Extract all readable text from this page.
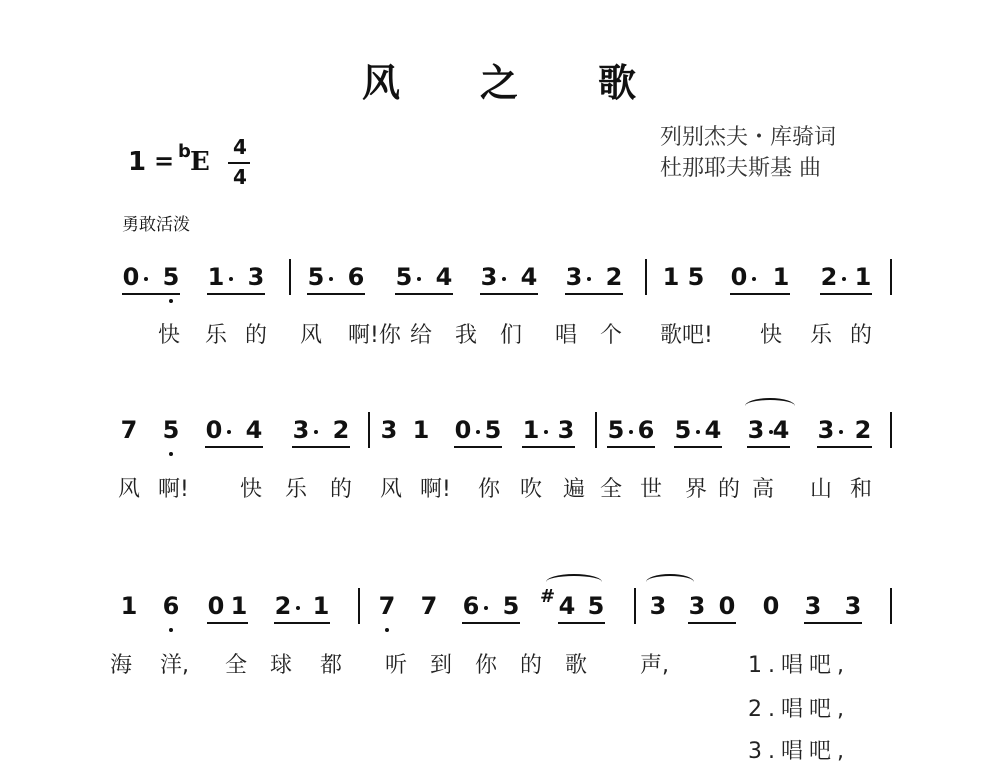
风 之 歌
1 = b E 4
4
列别杰夫・库骑词
杜那耶夫斯基 曲
勇敢活泼
0 5 1 3 5 6 5 4 3 4 3 2 1 5 0 1 2 1
快 乐 的 风 啊!你 给 我 们 唱 个 歌吧! 快 乐 的
7 5 0 4 3 2 3 1 0 5 1 3 5 6 5 4 3 4 3 2
风 啊! 快 乐 的 风 啊! 你 吹 遍 全 世 界 的 高 山 和
1 6 0 1 2 1 7 7 6 5 4 5 3 3 0 0 3 3
#
海 洋, 全 球 都 听 到 你 的 歌 声,	1.唱吧,
2.唱吧,
3.唱吧,
